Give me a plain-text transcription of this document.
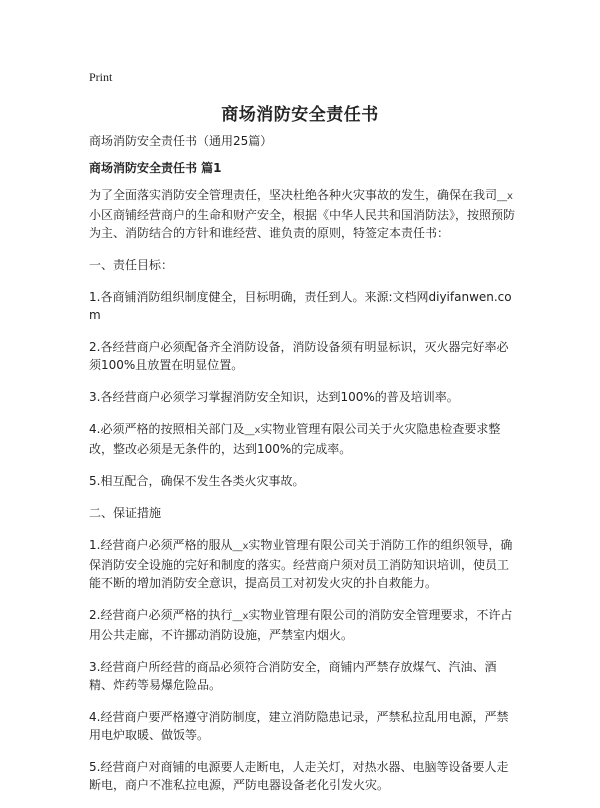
Print
商场消防安全责任书

商场消防安全责任书（通用25篇）

商场消防安全责任书 篇1

为了全面落实消防安全管理责任，坚决杜绝各种火灾事故的发生，确保在我司__x小区商铺经营商户的生命和财产安全，根据《中华人民共和国消防法》，按照预防为主、消防结合的方针和谁经营、谁负责的原则，特签定本责任书：

一、责任目标：

1.各商铺消防组织制度健全，目标明确，责任到人。来源:文档网diyifanwen.com

2.各经营商户必须配备齐全消防设备，消防设备须有明显标识，灭火器完好率必须100%且放置在明显位置。

3.各经营商户必须学习掌握消防安全知识，达到100%的普及培训率。

4.必须严格的按照相关部门及__x实物业管理有限公司关于火灾隐患检查要求整改，整改必须是无条件的，达到100%的完成率。

5.相互配合，确保不发生各类火灾事故。

二、保证措施

1.经营商户必须严格的服从__x实物业管理有限公司关于消防工作的组织领导，确保消防安全设施的完好和制度的落实。经营商户须对员工消防知识培训，使员工能不断的增加消防安全意识，提高员工对初发火灾的扑自救能力。

2.经营商户必须严格的执行__x实物业管理有限公司的消防安全管理要求，不许占用公共走廊，不许挪动消防设施，严禁室内烟火。

3.经营商户所经营的商品必须符合消防安全，商铺内严禁存放煤气、汽油、酒精、炸药等易爆危险品。

4.经营商户要严格遵守消防制度，建立消防隐患记录，严禁私拉乱用电源，严禁用电炉取暖、做饭等。

5.经营商户对商铺的电源要人走断电，人走关灯，对热水器、电脑等设备要人走断电，商户不准私拉电源，严防电器设备老化引发火灾。
